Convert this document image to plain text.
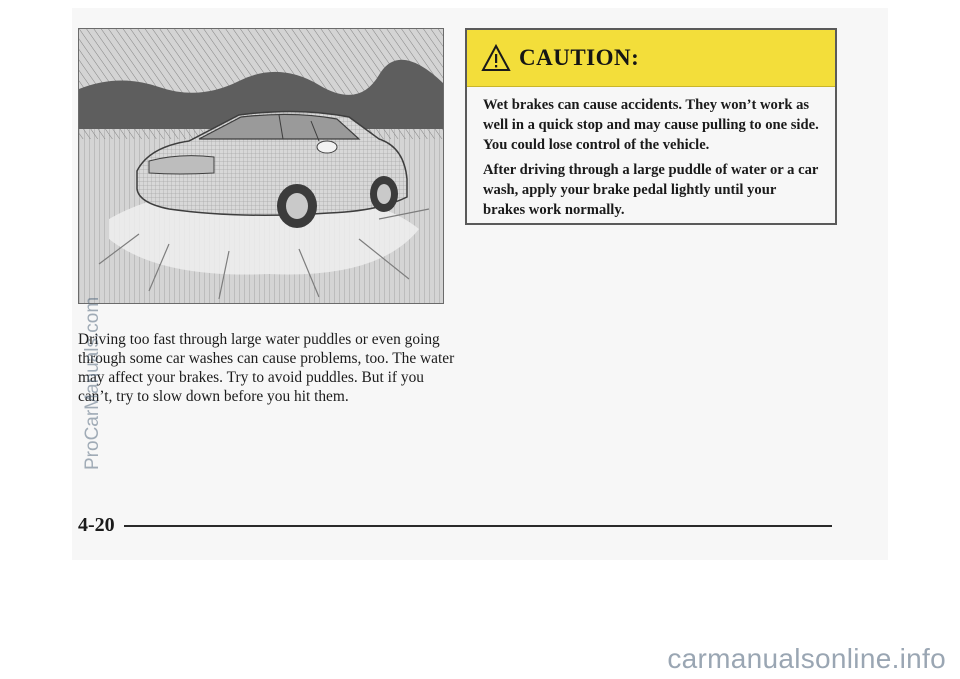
Driving too fast through large water puddles or even going through some car washes can cause problems, too. The water may affect your brakes. Try to avoid puddles. But if you can’t, try to slow down before you hit them.

CAUTION:

Wet brakes can cause accidents. They won’t work as well in a quick stop and may cause pulling to one side. You could lose control of the vehicle.

After driving through a large puddle of water or a car wash, apply your brake pedal lightly until your brakes work normally.

4-20
ProCarManuals.com
carmanualsonline.info
